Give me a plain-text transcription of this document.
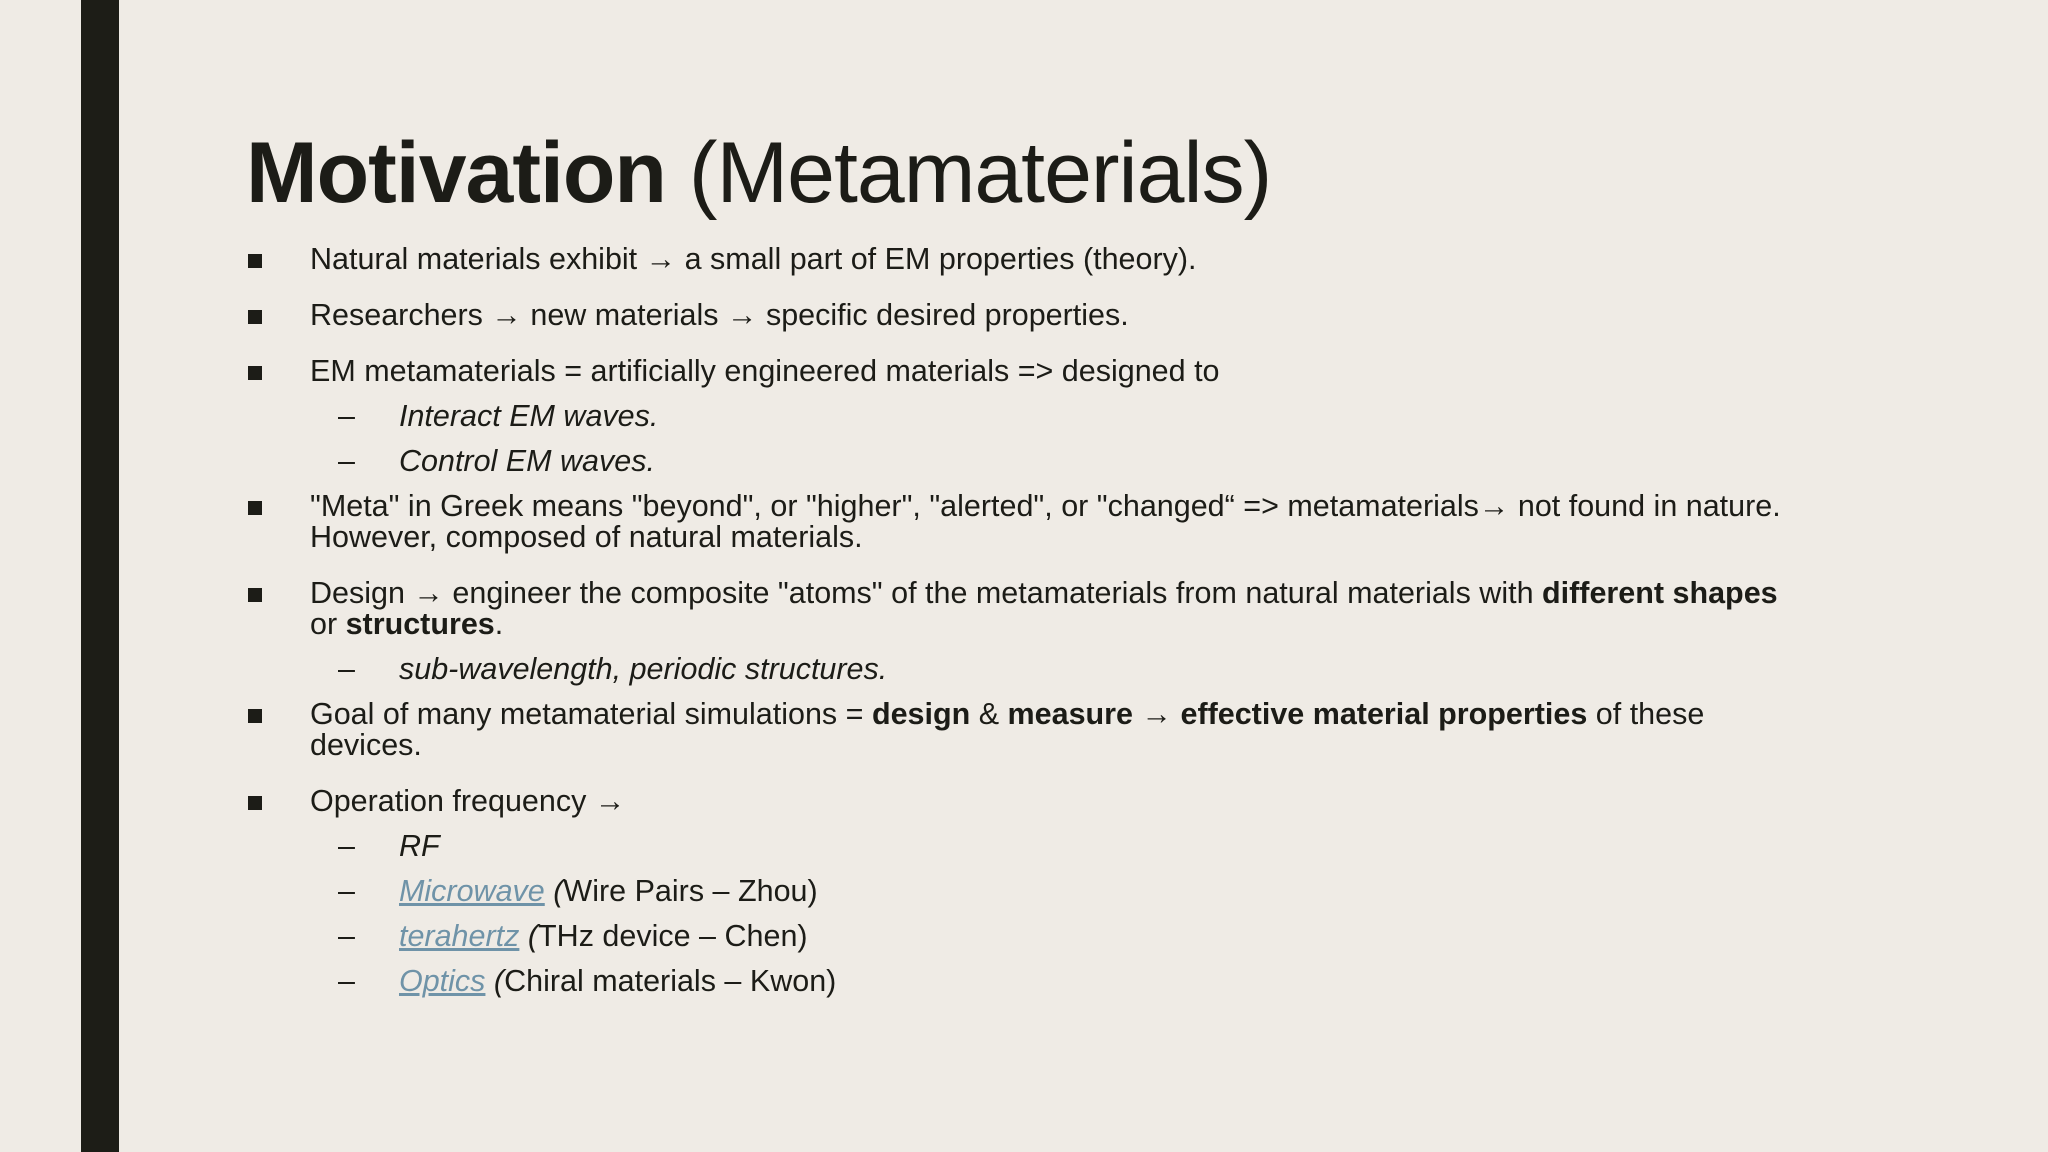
Motivation (Metamaterials)
Natural materials exhibit → a small part of EM properties (theory).
Researchers → new materials → specific desired properties.
EM metamaterials = artificially engineered materials => designed to
– Interact EM waves.
– Control EM waves.
"Meta" in Greek means "beyond", or "higher", "alerted", or "changed“ => metamaterials→ not found in nature. However, composed of natural materials.
Design → engineer the composite "atoms" of the metamaterials from natural materials with different shapes or structures.
– sub-wavelength, periodic structures.
Goal of many metamaterial simulations = design & measure → effective material properties of these devices.
Operation frequency →
– RF
– Microwave (Wire Pairs – Zhou)
– terahertz (THz device – Chen)
– Optics (Chiral materials – Kwon)
